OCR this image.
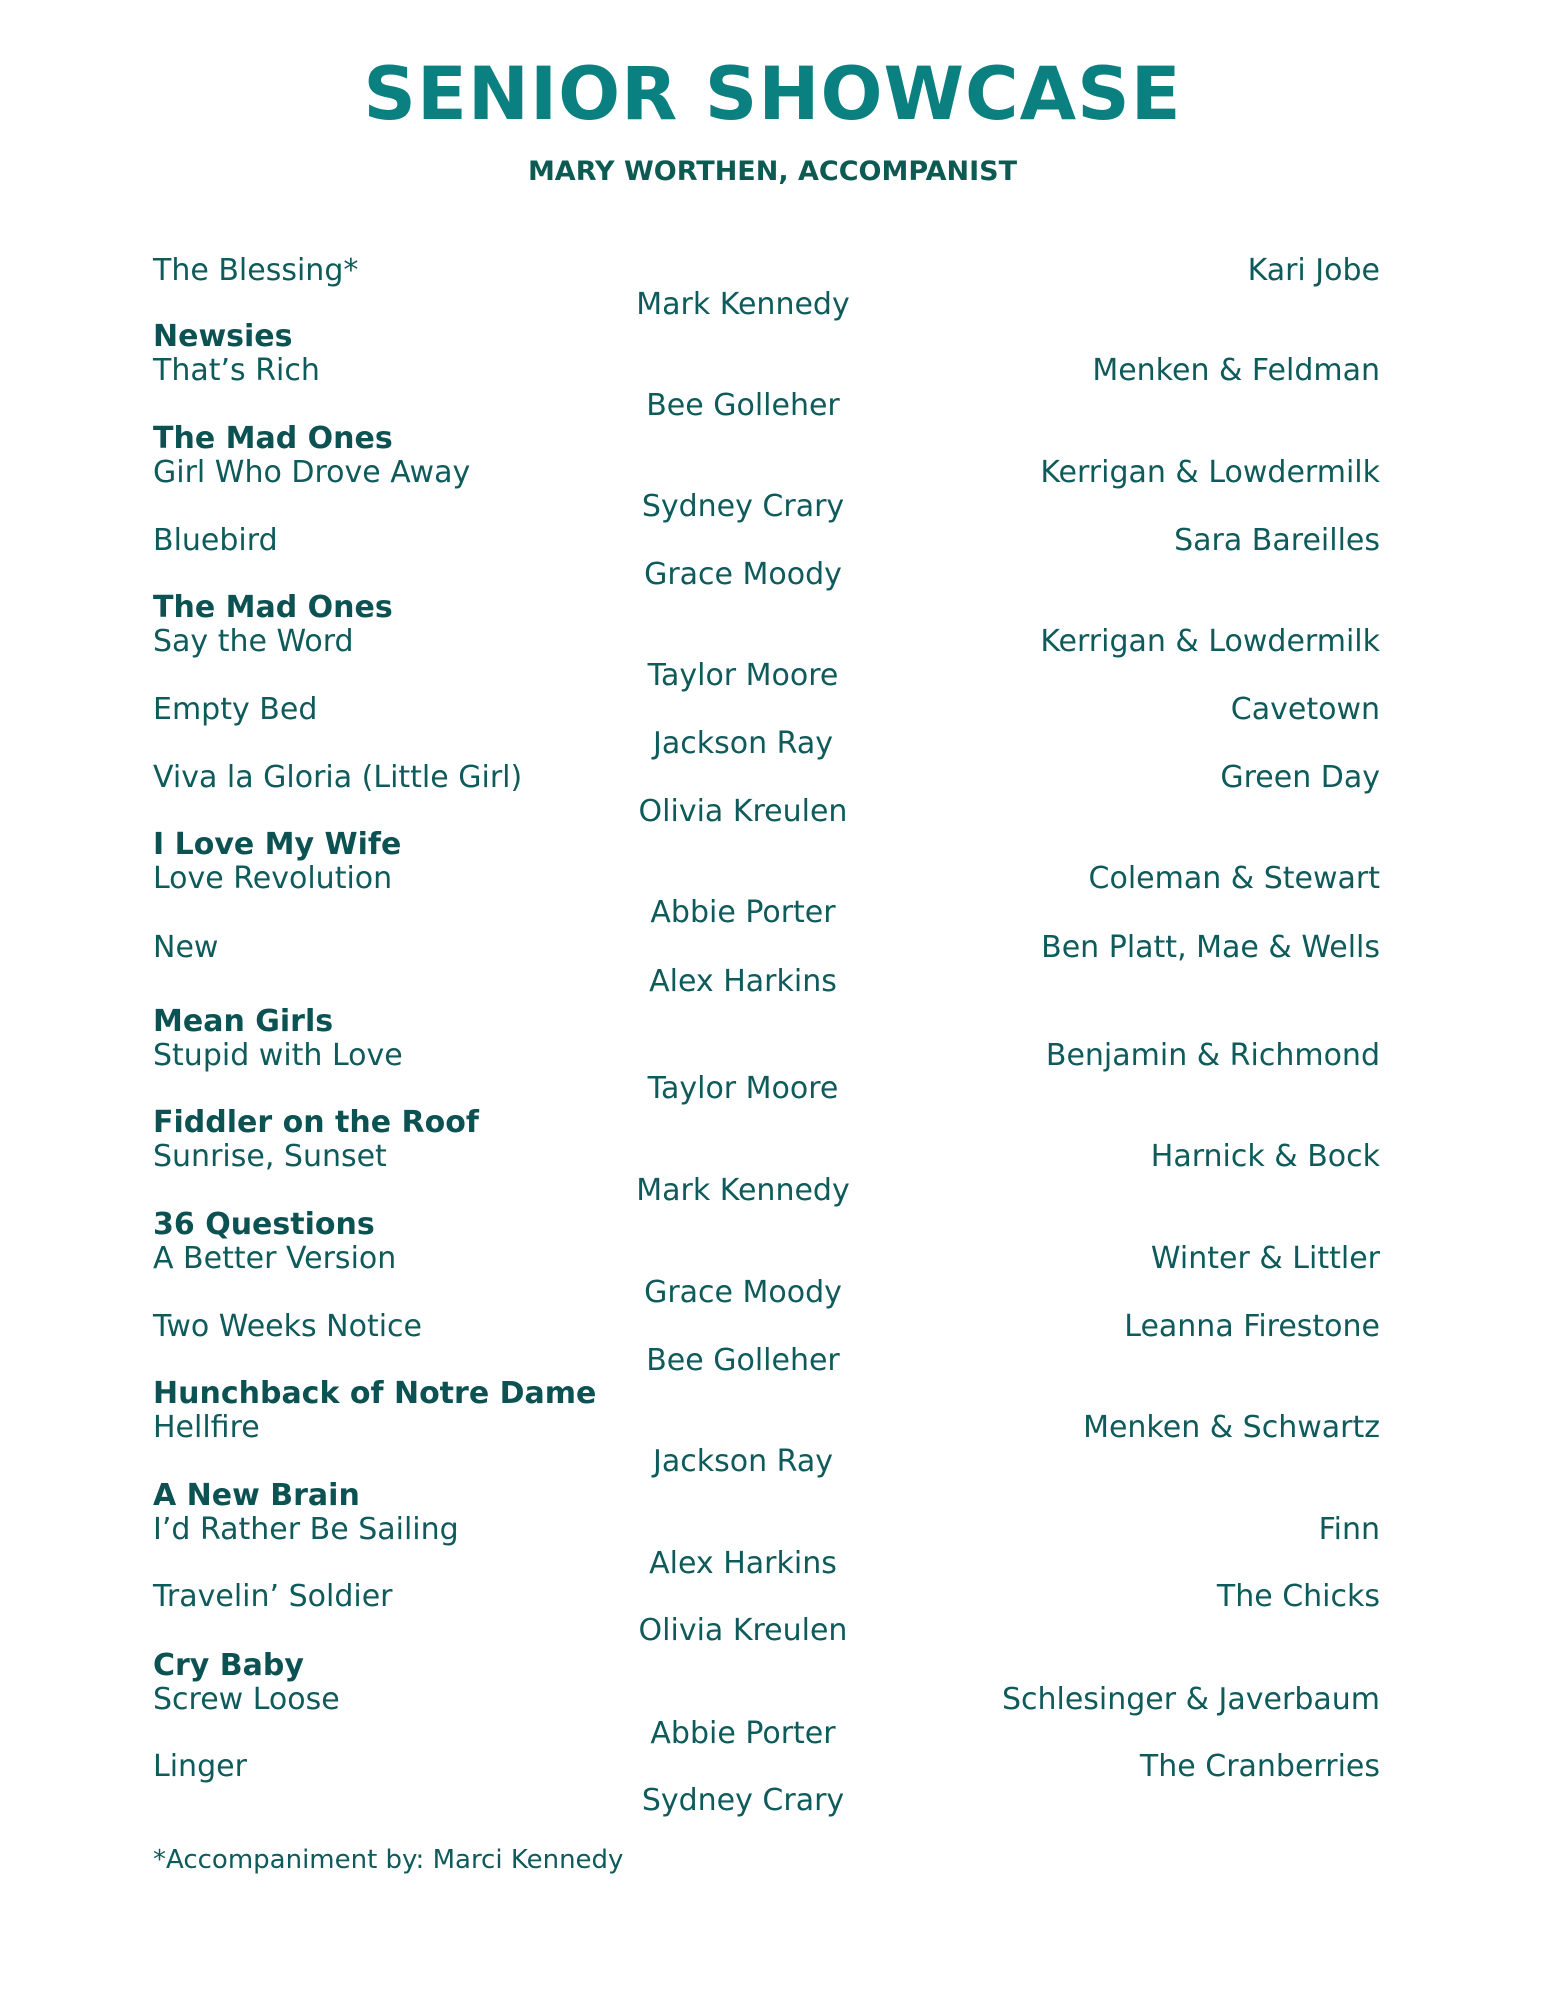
SENIOR SHOWCASE
MARY WORTHEN, ACCOMPANIST
The Blessing*
Newsies
That’s Rich
The Mad Ones
Girl Who Drove Away
Bluebird
The Mad Ones
Say the Word
Empty Bed
Viva la Gloria (Little Girl)
I Love My Wife
Love Revolution
New
Mean Girls
Stupid with Love
Fiddler on the Roof
Sunrise, Sunset
36 Questions
A Better Version
Two Weeks Notice
Hunchback of Notre Dame
Hellfire
A New Brain
I’d Rather Be Sailing
Travelin’ Soldier
Cry Baby
Screw Loose
Linger
Mark Kennedy
Bee Golleher
Sydney Crary
Grace Moody
Taylor Moore
Jackson Ray
Olivia Kreulen
Abbie Porter
Alex Harkins
Taylor Moore
Mark Kennedy
Grace Moody
Bee Golleher
Jackson Ray
Alex Harkins
Olivia Kreulen
Abbie Porter
Sydney Crary
Kari Jobe
Menken & Feldman
Kerrigan & Lowdermilk
Sara Bareilles
Kerrigan & Lowdermilk
Cavetown
Green Day
Coleman & Stewart
Ben Platt, Mae & Wells
Benjamin & Richmond
Harnick & Bock
Winter & Littler
Leanna Firestone
Menken & Schwartz
Finn
The Chicks
Schlesinger & Javerbaum
The Cranberries
*Accompaniment by: Marci Kennedy
